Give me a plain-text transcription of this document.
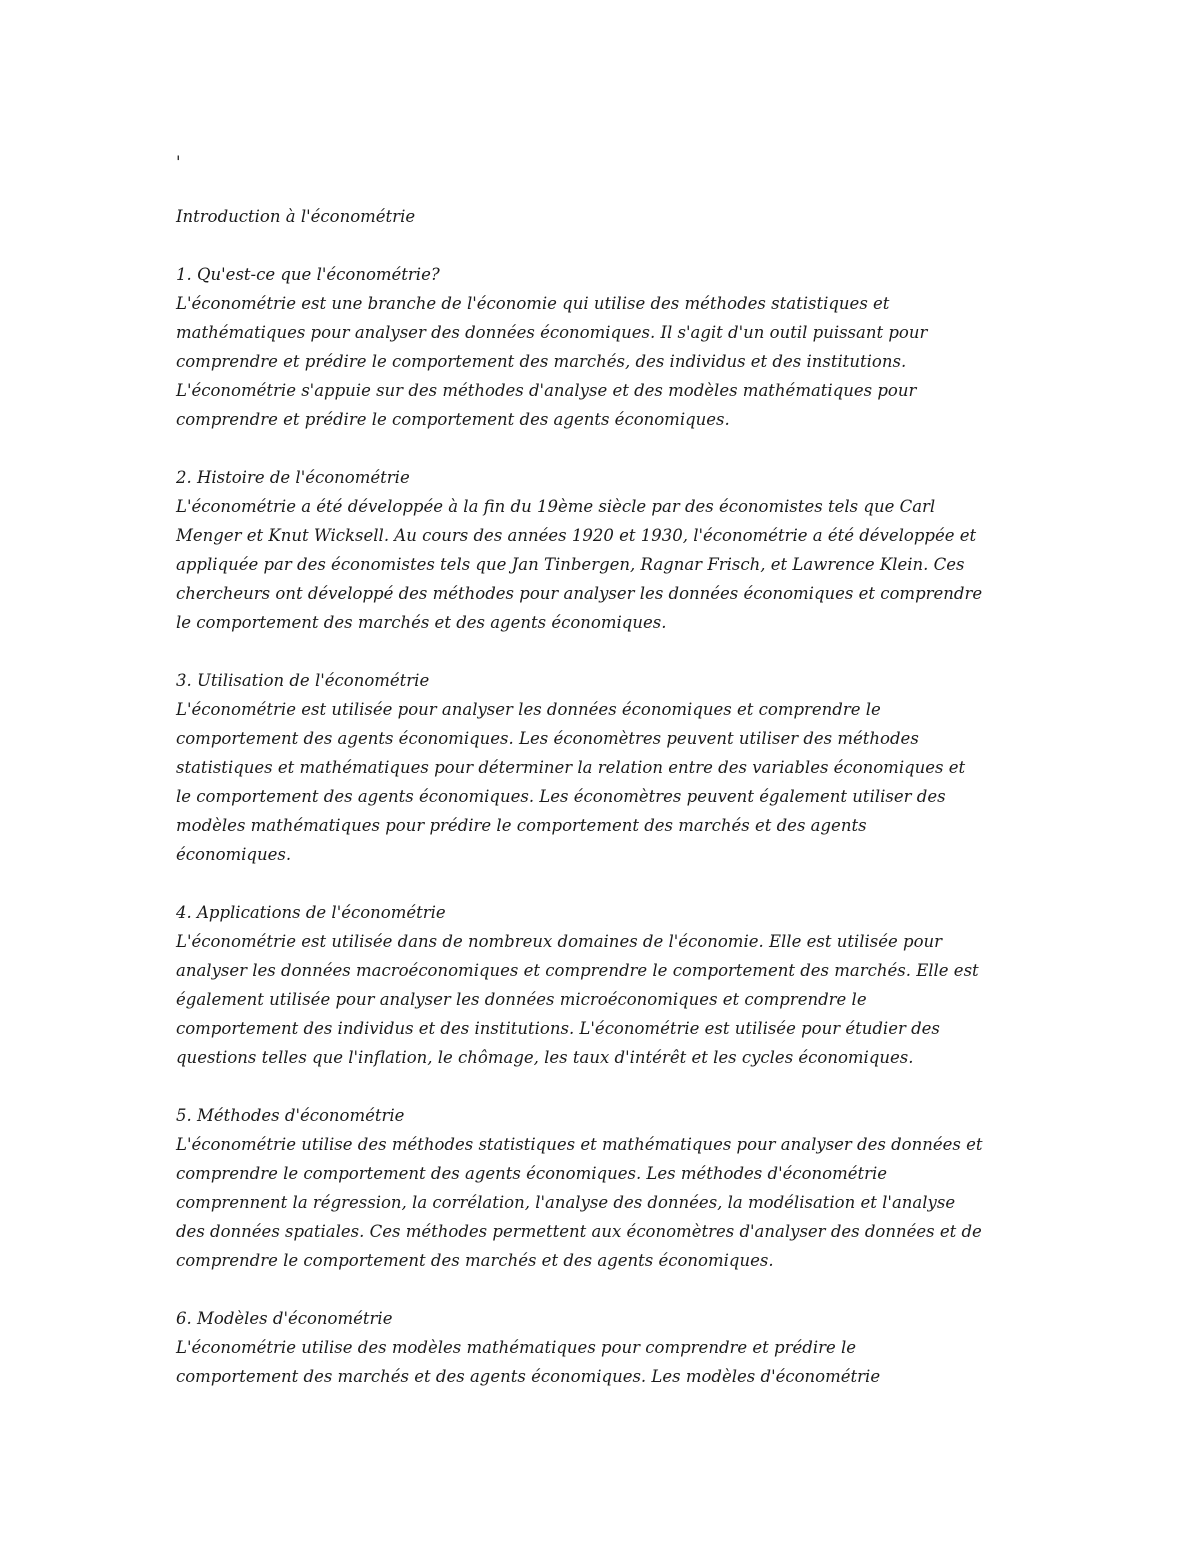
'
Introduction à l'économétrie
1. Qu'est-ce que l'économétrie?

L'économétrie est une branche de l'économie qui utilise des méthodes statistiques et
mathématiques pour analyser des données économiques. Il s'agit d'un outil puissant pour
comprendre et prédire le comportement des marchés, des individus et des institutions.
L'économétrie s'appuie sur des méthodes d'analyse et des modèles mathématiques pour
comprendre et prédire le comportement des agents économiques.

2. Histoire de l'économétrie

L'économétrie a été développée à la fin du 19ème siècle par des économistes tels que Carl
Menger et Knut Wicksell. Au cours des années 1920 et 1930, l'économétrie a été développée et
appliquée par des économistes tels que Jan Tinbergen, Ragnar Frisch, et Lawrence Klein. Ces
chercheurs ont développé des méthodes pour analyser les données économiques et comprendre
le comportement des marchés et des agents économiques.

3. Utilisation de l'économétrie

L'économétrie est utilisée pour analyser les données économiques et comprendre le
comportement des agents économiques. Les économètres peuvent utiliser des méthodes
statistiques et mathématiques pour déterminer la relation entre des variables économiques et
le comportement des agents économiques. Les économètres peuvent également utiliser des
modèles mathématiques pour prédire le comportement des marchés et des agents
économiques.

4. Applications de l'économétrie

L'économétrie est utilisée dans de nombreux domaines de l'économie. Elle est utilisée pour
analyser les données macroéconomiques et comprendre le comportement des marchés. Elle est
également utilisée pour analyser les données microéconomiques et comprendre le
comportement des individus et des institutions. L'économétrie est utilisée pour étudier des
questions telles que l'inflation, le chômage, les taux d'intérêt et les cycles économiques.

5. Méthodes d'économétrie

L'économétrie utilise des méthodes statistiques et mathématiques pour analyser des données et
comprendre le comportement des agents économiques. Les méthodes d'économétrie
comprennent la régression, la corrélation, l'analyse des données, la modélisation et l'analyse
des données spatiales. Ces méthodes permettent aux économètres d'analyser des données et de
comprendre le comportement des marchés et des agents économiques.

6. Modèles d'économétrie

L'économétrie utilise des modèles mathématiques pour comprendre et prédire le
comportement des marchés et des agents économiques. Les modèles d'économétrie
